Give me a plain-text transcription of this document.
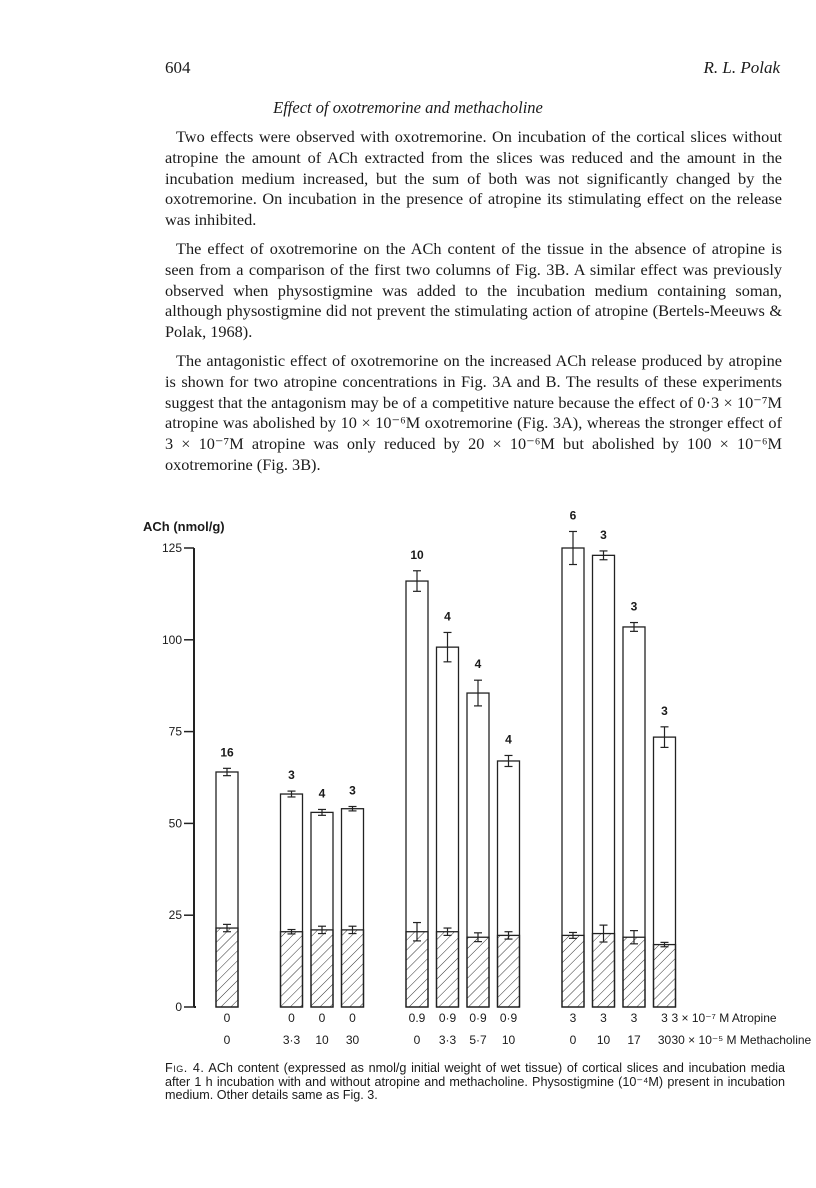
604	R. L. Polak
Effect of oxotremorine and methacholine

Two effects were observed with oxotremorine. On incubation of the cortical slices without atropine the amount of ACh extracted from the slices was reduced and the amount in the incubation medium increased, but the sum of both was not significantly changed by the oxotremorine. On incubation in the presence of atropine its stimulating effect on the release was inhibited.

The effect of oxotremorine on the ACh content of the tissue in the absence of atropine is seen from a comparison of the first two columns of Fig. 3B. A similar effect was previously observed when physostigmine was added to the incubation medium containing soman, although physostigmine did not prevent the stimulating action of atropine (Bertels-Meeuws & Polak, 1968).

The antagonistic effect of oxotremorine on the increased ACh release produced by atropine is shown for two atropine concentrations in Fig. 3A and B. The results of these experiments suggest that the antagonism may be of a competitive nature because the effect of 0·3 × 10⁻⁷M atropine was abolished by 10 × 10⁻⁶M oxotremorine (Fig. 3A), whereas the stronger effect of 3 × 10⁻⁷M atropine was only reduced by 20 × 10⁻⁶M but abolished by 100 × 10⁻⁶M oxotremorine (Fig. 3B).

ACh (nmol/g)
0
25
50
75
100
125
16
0
0
3
0
3·3
4
0
10
3
0
30
10
0.9
0
4
0·9
3·3
4
0·9
5·7
4
0·9
10
6
3
0
3
3
10
3
3
17
3
3
30
3 × 10⁻⁷ M Atropine
30 × 10⁻⁵ M Methacholine
Fig. 4. ACh content (expressed as nmol/g initial weight of wet tissue) of cortical slices and incubation media after 1 h incubation with and without atropine and methacholine. Physostigmine (10⁻⁴M) present in incubation medium. Other details same as Fig. 3.
